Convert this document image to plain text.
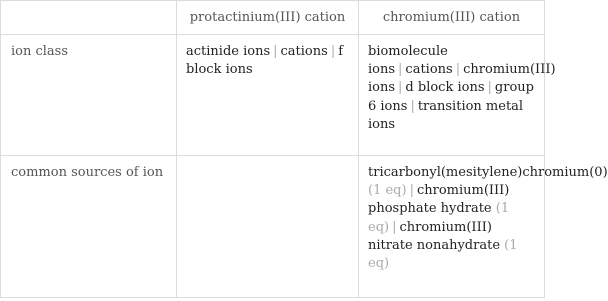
	protactinium(III) cation	chromium(III) cation
ion class	actinide ions | cations | f block ions	biomolecule ions | cations | chromium(III) ions | d block ions | group 6 ions | transition metal ions
common sources of ion		tricarbonyl(mesitylene)chromium(0) (1 eq) | chromium(III) phosphate hydrate (1 eq) | chromium(III) nitrate nonahydrate (1 eq)
